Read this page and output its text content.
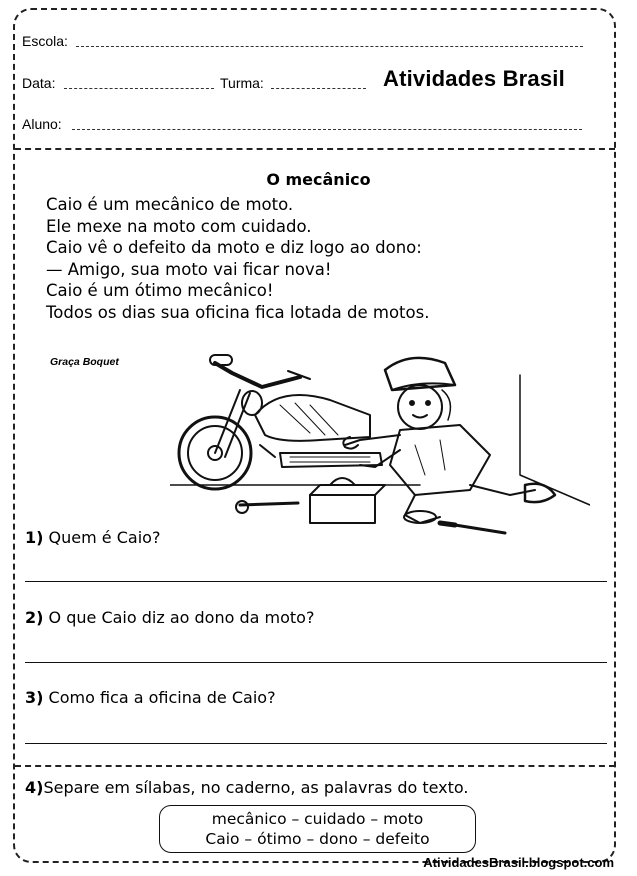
Escola:
Data:	Turma:	Atividades Brasil
Aluno:
O mecânico
Caio é um mecânico de moto.
Ele mexe na moto com cuidado.
Caio vê o defeito da moto e diz logo ao dono:
— Amigo, sua moto vai ficar nova!
Caio é um ótimo mecânico!
Todos os dias sua oficina fica lotada de motos.
Graça Boquet
1) Quem é Caio?
2) O que Caio diz ao dono da moto?
3) Como fica a oficina de Caio?
4)Separe em sílabas, no caderno, as palavras do texto.
mecânico – cuidado – moto
Caio – ótimo – dono – defeito
AtividadesBrasil.blogspot.com
